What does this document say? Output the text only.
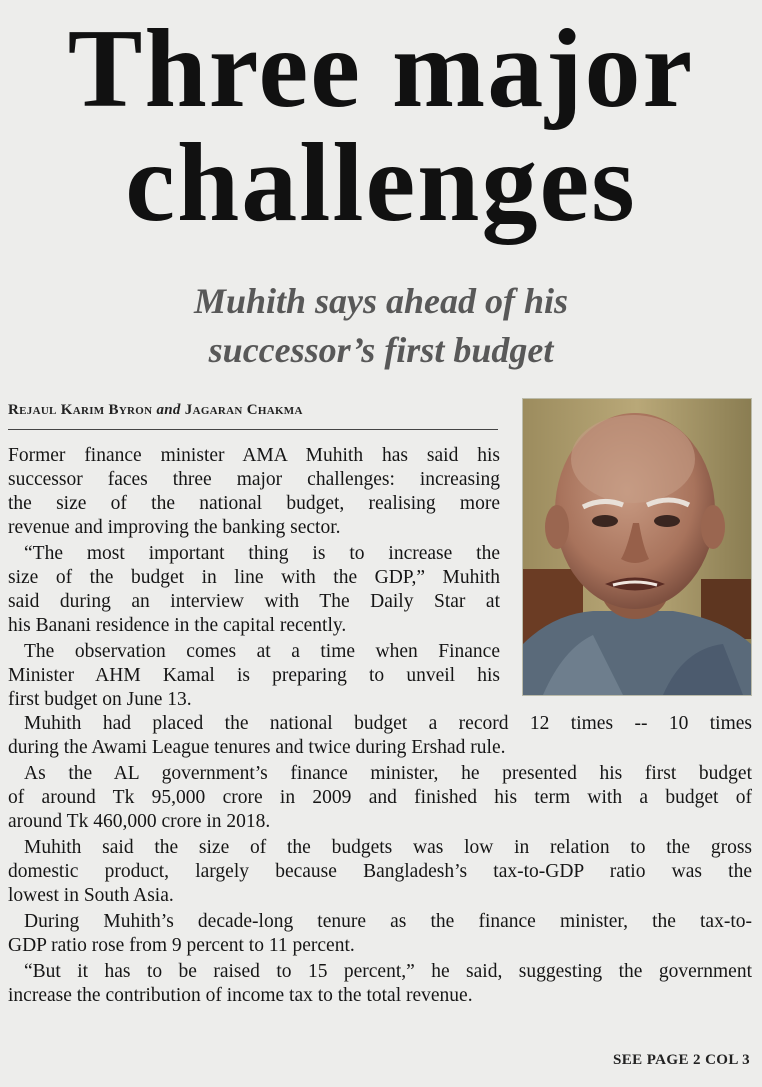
Three major
challenges
Muhith says ahead of his
successor’s first budget
Rejaul Karim Byron and Jagaran Chakma
Former finance minister AMA Muhith has said his
successor faces three major challenges: increasing
the size of the national budget, realising more
revenue and improving the banking sector.
“The most important thing is to increase the
size of the budget in line with the GDP,” Muhith
said during an interview with The Daily Star at
his Banani residence in the capital recently.
The observation comes at a time when Finance
Minister AHM Kamal is preparing to unveil his
first budget on June 13.
Muhith had placed the national budget a record 12 times -- 10 times
during the Awami League tenures and twice during Ershad rule.
As the AL government’s finance minister, he presented his first budget
of around Tk 95,000 crore in 2009 and finished his term with a budget of
around Tk 460,000 crore in 2018.
Muhith said the size of the budgets was low in relation to the gross
domestic product, largely because Bangladesh’s tax-to-GDP ratio was the
lowest in South Asia.
During Muhith’s decade-long tenure as the finance minister, the tax-to-
GDP ratio rose from 9 percent to 11 percent.
“But it has to be raised to 15 percent,” he said, suggesting the government
increase the contribution of income tax to the total revenue.
SEE PAGE 2 COL 3
